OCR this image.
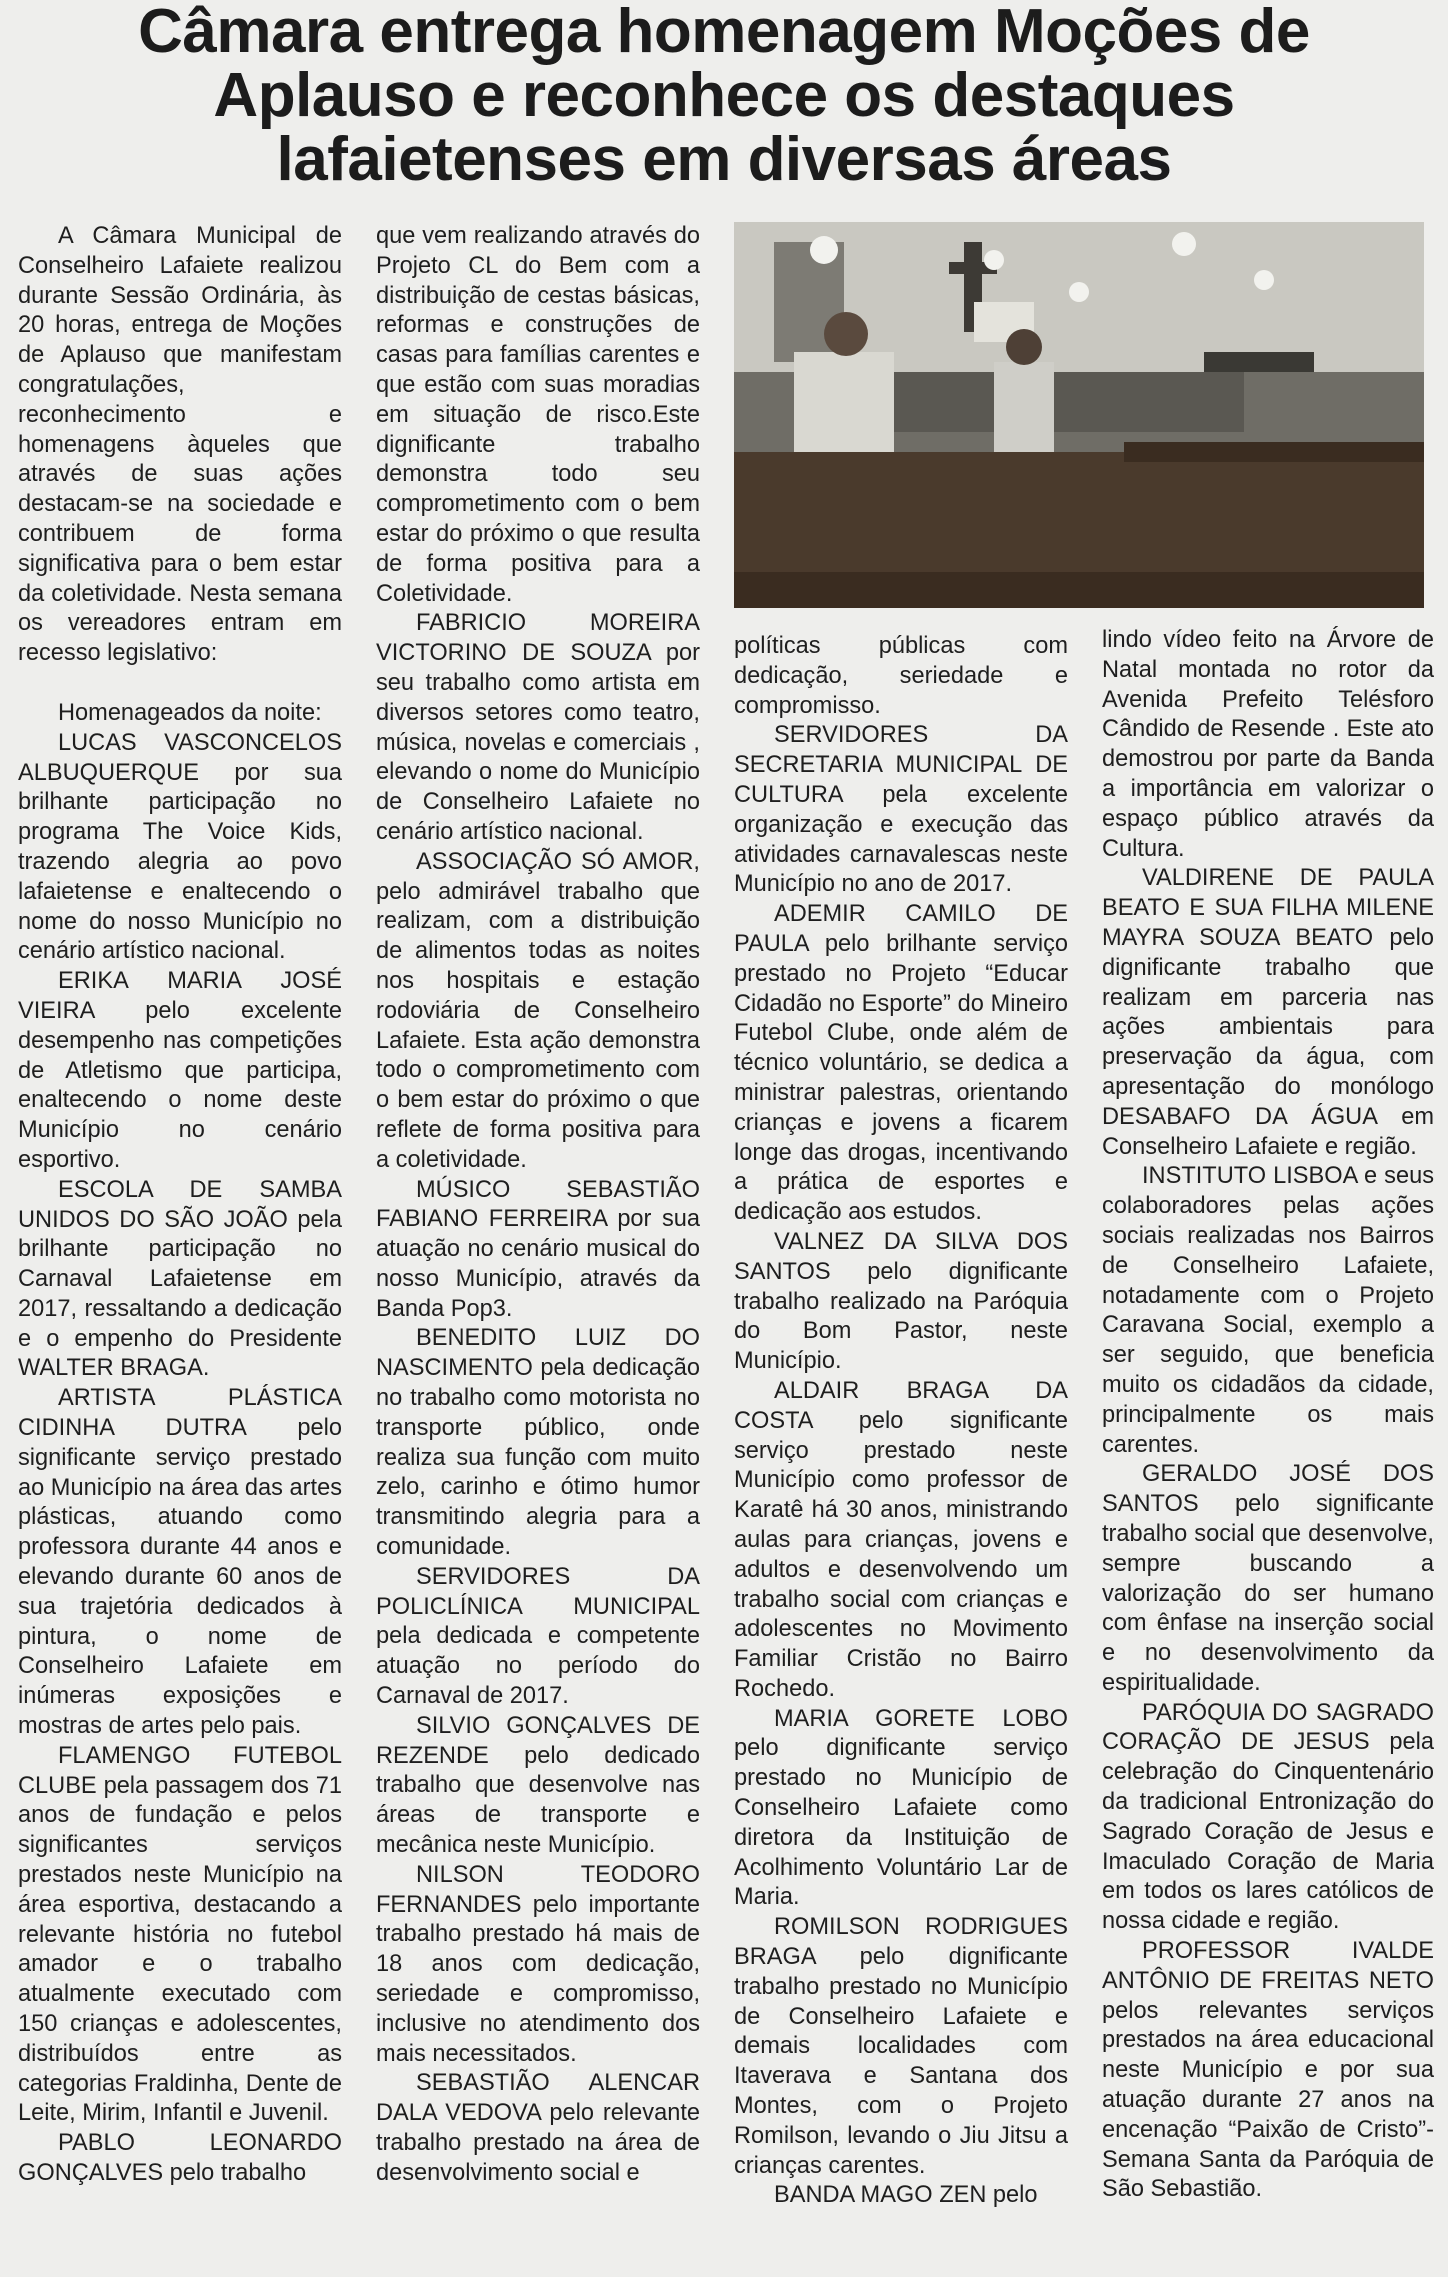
Câmara entrega homenagem Moções de Aplauso e reconhece os destaques lafaietenses em diversas áreas

A Câmara Municipal de Conselheiro Lafaiete realizou durante Sessão Ordinária, às 20 horas, entrega de Moções de Aplauso que manifestam congratulações, reconhecimento e homenagens àqueles que através de suas ações destacam-se na sociedade e contribuem de forma significativa para o bem estar da coletividade. Nesta semana os vereadores entram em recesso legislativo:

Homenageados da noite:

LUCAS VASCONCELOS ALBUQUERQUE por sua brilhante participação no programa The Voice Kids, trazendo alegria ao povo lafaietense e enaltecendo o nome do nosso Município no cenário artístico nacional.

ERIKA MARIA JOSÉ VIEIRA pelo excelente desempenho nas competições de Atletismo que participa, enaltecendo o nome deste Município no cenário esportivo.

ESCOLA DE SAMBA UNIDOS DO SÃO JOÃO pela brilhante participação no Carnaval Lafaietense em 2017, ressaltando a dedicação e o empenho do Presidente WALTER BRAGA.

ARTISTA PLÁSTICA CIDINHA DUTRA pelo significante serviço prestado ao Município na área das artes plásticas, atuando como professora durante 44 anos e elevando durante 60 anos de sua trajetória dedicados à pintura, o nome de Conselheiro Lafaiete em inúmeras exposições e mostras de artes pelo pais.

FLAMENGO FUTEBOL CLUBE pela passagem dos 71 anos de fundação e pelos significantes serviços prestados neste Município na área esportiva, destacando a relevante história no futebol amador e o trabalho atualmente executado com 150 crianças e adolescentes, distribuídos entre as categorias Fraldinha, Dente de Leite, Mirim, Infantil e Juvenil.

PABLO LEONARDO GONÇALVES pelo trabalho

que vem realizando através do Projeto CL do Bem com a distribuição de cestas básicas, reformas e construções de casas para famílias carentes e que estão com suas moradias em situação de risco.Este dignificante trabalho demonstra todo seu comprometimento com o bem estar do próximo o que resulta de forma positiva para a Coletividade.

FABRICIO MOREIRA VICTORINO DE SOUZA por seu trabalho como artista em diversos setores como teatro, música, novelas e comerciais , elevando o nome do Município de Conselheiro Lafaiete no cenário artístico nacional.

ASSOCIAÇÃO SÓ AMOR, pelo admirável trabalho que realizam, com a distribuição de alimentos todas as noites nos hospitais e estação rodoviária de Conselheiro Lafaiete. Esta ação demonstra todo o comprometimento com o bem estar do próximo o que reflete de forma positiva para a coletividade.

MÚSICO SEBASTIÃO FABIANO FERREIRA por sua atuação no cenário musical do nosso Município, através da Banda Pop3.

BENEDITO LUIZ DO NASCIMENTO pela dedicação no trabalho como motorista no transporte público, onde realiza sua função com muito zelo, carinho e ótimo humor transmitindo alegria para a comunidade.

SERVIDORES DA POLICLÍNICA MUNICIPAL pela dedicada e competente atuação no período do Carnaval de 2017.

SILVIO GONÇALVES DE REZENDE pelo dedicado trabalho que desenvolve nas áreas de transporte e mecânica neste Município.

NILSON TEODORO FERNANDES pelo importante trabalho prestado há mais de 18 anos com dedicação, seriedade e compromisso, inclusive no atendimento dos mais necessitados.

SEBASTIÃO ALENCAR DALA VEDOVA pelo relevante trabalho prestado na área de desenvolvimento social e

políticas públicas com dedicação, seriedade e compromisso.

SERVIDORES DA SECRETARIA MUNICIPAL DE CULTURA pela excelente organização e execução das atividades carnavalescas neste Município no ano de 2017.

ADEMIR CAMILO DE PAULA pelo brilhante serviço prestado no Projeto “Educar Cidadão no Esporte” do Mineiro Futebol Clube, onde além de técnico voluntário, se dedica a ministrar palestras, orientando crianças e jovens a ficarem longe das drogas, incentivando a prática de esportes e dedicação aos estudos.

VALNEZ DA SILVA DOS SANTOS pelo dignificante trabalho realizado na Paróquia do Bom Pastor, neste Município.

ALDAIR BRAGA DA COSTA pelo significante serviço prestado neste Município como professor de Karatê há 30 anos, ministrando aulas para crianças, jovens e adultos e desenvolvendo um trabalho social com crianças e adolescentes no Movimento Familiar Cristão no Bairro Rochedo.

MARIA GORETE LOBO pelo dignificante serviço prestado no Município de Conselheiro Lafaiete como diretora da Instituição de Acolhimento Voluntário Lar de Maria.

ROMILSON RODRIGUES BRAGA pelo dignificante trabalho prestado no Município de Conselheiro Lafaiete e demais localidades com Itaverava e Santana dos Montes, com o Projeto Romilson, levando o Jiu Jitsu a crianças carentes.

BANDA MAGO ZEN pelo

lindo vídeo feito na Árvore de Natal montada no rotor da Avenida Prefeito Telésforo Cândido de Resende . Este ato demostrou por parte da Banda a importância em valorizar o espaço público através da Cultura.

VALDIRENE DE PAULA BEATO E SUA FILHA MILENE MAYRA SOUZA BEATO pelo dignificante trabalho que realizam em parceria nas ações ambientais para preservação da água, com apresentação do monólogo DESABAFO DA ÁGUA em Conselheiro Lafaiete e região.

INSTITUTO LISBOA e seus colaboradores pelas ações sociais realizadas nos Bairros de Conselheiro Lafaiete, notadamente com o Projeto Caravana Social, exemplo a ser seguido, que beneficia muito os cidadãos da cidade, principalmente os mais carentes.

GERALDO JOSÉ DOS SANTOS pelo significante trabalho social que desenvolve, sempre buscando a valorização do ser humano com ênfase na inserção social e no desenvolvimento da espiritualidade.

PARÓQUIA DO SAGRADO CORAÇÃO DE JESUS pela celebração do Cinquentenário da tradicional Entronização do Sagrado Coração de Jesus e Imaculado Coração de Maria em todos os lares católicos de nossa cidade e região.

PROFESSOR IVALDE ANTÔNIO DE FREITAS NETO pelos relevantes serviços prestados na área educacional neste Município e por sua atuação durante 27 anos na encenação “Paixão de Cristo”- Semana Santa da Paróquia de São Sebastião.
